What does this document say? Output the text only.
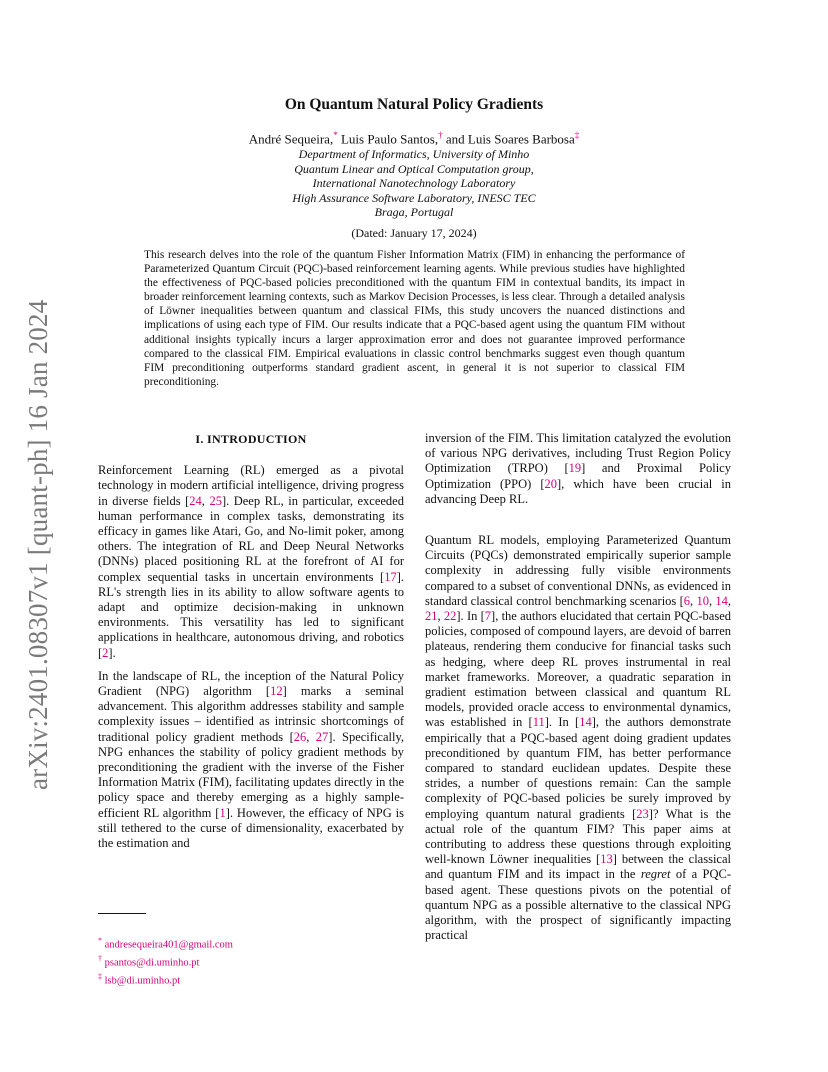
arXiv:2401.08307v1 [quant-ph] 16 Jan 2024
On Quantum Natural Policy Gradients
André Sequeira,* Luis Paulo Santos,† and Luis Soares Barbosa‡
Department of Informatics, University of Minho
Quantum Linear and Optical Computation group,
International Nanotechnology Laboratory
High Assurance Software Laboratory, INESC TEC
Braga, Portugal
(Dated: January 17, 2024)
This research delves into the role of the quantum Fisher Information Matrix (FIM) in enhancing the performance of Parameterized Quantum Circuit (PQC)-based reinforcement learning agents. While previous studies have highlighted the effectiveness of PQC-based policies preconditioned with the quantum FIM in contextual bandits, its impact in broader reinforcement learning contexts, such as Markov Decision Processes, is less clear. Through a detailed analysis of Löwner inequalities between quantum and classical FIMs, this study uncovers the nuanced distinctions and implications of using each type of FIM. Our results indicate that a PQC-based agent using the quantum FIM without additional insights typically incurs a larger approximation error and does not guarantee improved performance compared to the classical FIM. Empirical evaluations in classic control benchmarks suggest even though quantum FIM preconditioning outperforms standard gradient ascent, in general it is not superior to classical FIM preconditioning.
I. INTRODUCTION

Reinforcement Learning (RL) emerged as a pivotal technology in modern artificial intelligence, driving progress in diverse fields [24, 25]. Deep RL, in particular, exceeded human performance in complex tasks, demonstrating its efficacy in games like Atari, Go, and No-limit poker, among others. The integration of RL and Deep Neural Networks (DNNs) placed positioning RL at the forefront of AI for complex sequential tasks in uncertain environments [17]. RL's strength lies in its ability to allow software agents to adapt and optimize decision-making in unknown environments. This versatility has led to significant applications in healthcare, autonomous driving, and robotics [2].

In the landscape of RL, the inception of the Natural Policy Gradient (NPG) algorithm [12] marks a seminal advancement. This algorithm addresses stability and sample complexity issues – identified as intrinsic shortcomings of traditional policy gradient methods [26, 27]. Specifically, NPG enhances the stability of policy gradient methods by preconditioning the gradient with the inverse of the Fisher Information Matrix (FIM), facilitating updates directly in the policy space and thereby emerging as a highly sample-efficient RL algorithm [1]. However, the efficacy of NPG is still tethered to the curse of dimensionality, exacerbated by the estimation and

inversion of the FIM. This limitation catalyzed the evolution of various NPG derivatives, including Trust Region Policy Optimization (TRPO) [19] and Proximal Policy Optimization (PPO) [20], which have been crucial in advancing Deep RL.

Quantum RL models, employing Parameterized Quantum Circuits (PQCs) demonstrated empirically superior sample complexity in addressing fully visible environments compared to a subset of conventional DNNs, as evidenced in standard classical control benchmarking scenarios [6, 10, 14, 21, 22]. In [7], the authors elucidated that certain PQC-based policies, composed of compound layers, are devoid of barren plateaus, rendering them conducive for financial tasks such as hedging, where deep RL proves instrumental in real market frameworks. Moreover, a quadratic separation in gradient estimation between classical and quantum RL models, provided oracle access to environmental dynamics, was established in [11]. In [14], the authors demonstrate empirically that a PQC-based agent doing gradient updates preconditioned by quantum FIM, has better performance compared to standard euclidean updates. Despite these strides, a number of questions remain: Can the sample complexity of PQC-based policies be surely improved by employing quantum natural gradients [23]? What is the actual role of the quantum FIM? This paper aims at contributing to address these questions through exploiting well-known Löwner inequalities [13] between the classical and quantum FIM and its impact in the regret of a PQC-based agent. These questions pivots on the potential of quantum NPG as a possible alternative to the classical NPG algorithm, with the prospect of significantly impacting practical

* andresequeira401@gmail.com
† psantos@di.uminho.pt
‡ lsb@di.uminho.pt
